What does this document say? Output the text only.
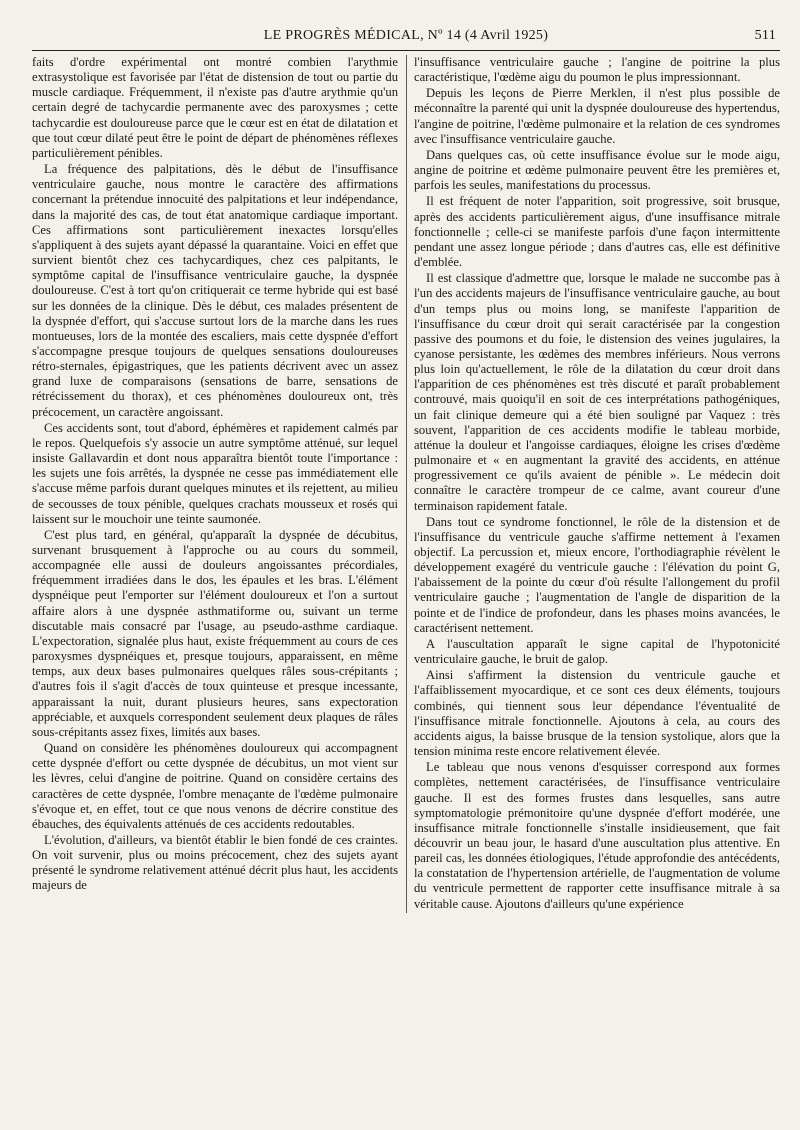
LE PROGRÈS MÉDICAL, Nº 14 (4 Avril 1925)	511

faits d'ordre expérimental ont montré combien l'arythmie extrasystolique est favorisée par l'état de distension de tout ou partie du muscle cardiaque. Fréquemment, il n'existe pas d'autre arythmie qu'un certain degré de tachycardie permanente avec des paroxysmes ; cette tachycardie est douloureuse parce que le cœur est en état de dilatation et que tout cœur dilaté peut être le point de départ de phénomènes réflexes particulièrement pénibles.

La fréquence des palpitations, dès le début de l'insuffisance ventriculaire gauche, nous montre le caractère des affirmations concernant la prétendue innocuité des palpitations et leur indépendance, dans la majorité des cas, de tout état anatomique cardiaque important. Ces affirmations sont particulièrement inexactes lorsqu'elles s'appliquent à des sujets ayant dépassé la quarantaine. Voici en effet que survient bientôt chez ces tachycardiques, chez ces palpitants, le symptôme capital de l'insuffisance ventriculaire gauche, la dyspnée douloureuse. C'est à tort qu'on critiquerait ce terme hybride qui est basé sur les données de la clinique. Dès le début, ces malades présentent de la dyspnée d'effort, qui s'accuse surtout lors de la marche dans les rues montueuses, lors de la montée des escaliers, mais cette dyspnée d'effort s'accompagne presque toujours de quelques sensations douloureuses rétro-sternales, épigastriques, que les patients décrivent avec un assez grand luxe de comparaisons (sensations de barre, sensations de rétrécissement du thorax), et ces phénomènes douloureux ont, très précocement, un caractère angoissant.

Ces accidents sont, tout d'abord, éphémères et rapidement calmés par le repos. Quelquefois s'y associe un autre symptôme atténué, sur lequel insiste Gallavardin et dont nous apparaîtra bientôt toute l'importance : les sujets une fois arrêtés, la dyspnée ne cesse pas immédiatement elle s'accuse même parfois durant quelques minutes et ils rejettent, au milieu de secousses de toux pénible, quelques crachats mousseux et rosés qui laissent sur le mouchoir une teinte saumonée.

C'est plus tard, en général, qu'apparaît la dyspnée de décubitus, survenant brusquement à l'approche ou au cours du sommeil, accompagnée elle aussi de douleurs angoissantes précordiales, fréquemment irradiées dans le dos, les épaules et les bras. L'élément dyspnéique peut l'emporter sur l'élément douloureux et l'on a surtout affaire alors à une dyspnée asthmatiforme ou, suivant un terme discutable mais consacré par l'usage, au pseudo-asthme cardiaque. L'expectoration, signalée plus haut, existe fréquemment au cours de ces paroxysmes dyspnéiques et, presque toujours, apparaissent, en même temps, aux deux bases pulmonaires quelques râles sous-crépitants ; d'autres fois il s'agit d'accès de toux quinteuse et presque incessante, apparaissant la nuit, durant plusieurs heures, sans expectoration appréciable, et auxquels correspondent seulement deux plaques de râles sous-crépitants assez fixes, limités aux bases.

Quand on considère les phénomènes douloureux qui accompagnent cette dyspnée d'effort ou cette dyspnée de décubitus, un mot vient sur les lèvres, celui d'angine de poitrine. Quand on considère certains des caractères de cette dyspnée, l'ombre menaçante de l'œdème pulmonaire s'évoque et, en effet, tout ce que nous venons de décrire constitue des ébauches, des équivalents atténués de ces accidents redoutables.

L'évolution, d'ailleurs, va bientôt établir le bien fondé de ces craintes. On voit survenir, plus ou moins précocement, chez des sujets ayant présenté le syndrome relativement atténué décrit plus haut, les accidents majeurs de

l'insuffisance ventriculaire gauche ; l'angine de poitrine la plus caractéristique, l'œdème aigu du poumon le plus impressionnant.

Depuis les leçons de Pierre Merklen, il n'est plus possible de méconnaître la parenté qui unit la dyspnée douloureuse des hypertendus, l'angine de poitrine, l'œdème pulmonaire et la relation de ces syndromes avec l'insuffisance ventriculaire gauche.

Dans quelques cas, où cette insuffisance évolue sur le mode aigu, angine de poitrine et œdème pulmonaire peuvent être les premières et, parfois les seules, manifestations du processus.

Il est fréquent de noter l'apparition, soit progressive, soit brusque, après des accidents particulièrement aigus, d'une insuffisance mitrale fonctionnelle ; celle-ci se manifeste parfois d'une façon intermittente pendant une assez longue période ; dans d'autres cas, elle est définitive d'emblée.

Il est classique d'admettre que, lorsque le malade ne succombe pas à l'un des accidents majeurs de l'insuffisance ventriculaire gauche, au bout d'un temps plus ou moins long, se manifeste l'apparition de l'insuffisance du cœur droit qui serait caractérisée par la congestion passive des poumons et du foie, le distension des veines jugulaires, la cyanose persistante, les œdèmes des membres inférieurs. Nous verrons plus loin qu'actuellement, le rôle de la dilatation du cœur droit dans l'apparition de ces phénomènes est très discuté et paraît probablement controuvé, mais quoiqu'il en soit de ces interprétations pathogéniques, un fait clinique demeure qui a été bien souligné par Vaquez : très souvent, l'apparition de ces accidents modifie le tableau morbide, atténue la douleur et l'angoisse cardiaques, éloigne les crises d'œdème pulmonaire et « en augmentant la gravité des accidents, en atténue progressivement ce qu'ils avaient de pénible ». Le médecin doit connaître le caractère trompeur de ce calme, avant coureur d'une terminaison rapidement fatale.

Dans tout ce syndrome fonctionnel, le rôle de la distension et de l'insuffisance du ventricule gauche s'affirme nettement à l'examen objectif. La percussion et, mieux encore, l'orthodiagraphie révèlent le développement exagéré du ventricule gauche : l'élévation du point G, l'abaissement de la pointe du cœur d'où résulte l'allongement du profil ventriculaire gauche ; l'augmentation de l'angle de disparition de la pointe et de l'indice de profondeur, dans les phases moins avancées, le caractérisent nettement.

A l'auscultation apparaît le signe capital de l'hypotonicité ventriculaire gauche, le bruit de galop.

Ainsi s'affirment la distension du ventricule gauche et l'affaiblissement myocardique, et ce sont ces deux éléments, toujours combinés, qui tiennent sous leur dépendance l'éventualité de l'insuffisance mitrale fonctionnelle. Ajoutons à cela, au cours des accidents aigus, la baisse brusque de la tension systolique, alors que la tension minima reste encore relativement élevée.

Le tableau que nous venons d'esquisser correspond aux formes complètes, nettement caractérisées, de l'insuffisance ventriculaire gauche. Il est des formes frustes dans lesquelles, sans autre symptomatologie prémonitoire qu'une dyspnée d'effort modérée, une insuffisance mitrale fonctionnelle s'installe insidieusement, que fait découvrir un beau jour, le hasard d'une auscultation plus attentive. En pareil cas, les données étiologiques, l'étude approfondie des antécédents, la constatation de l'hypertension artérielle, de l'augmentation de volume du ventricule permettent de rapporter cette insuffisance mitrale à sa véritable cause. Ajoutons d'ailleurs qu'une expérience
